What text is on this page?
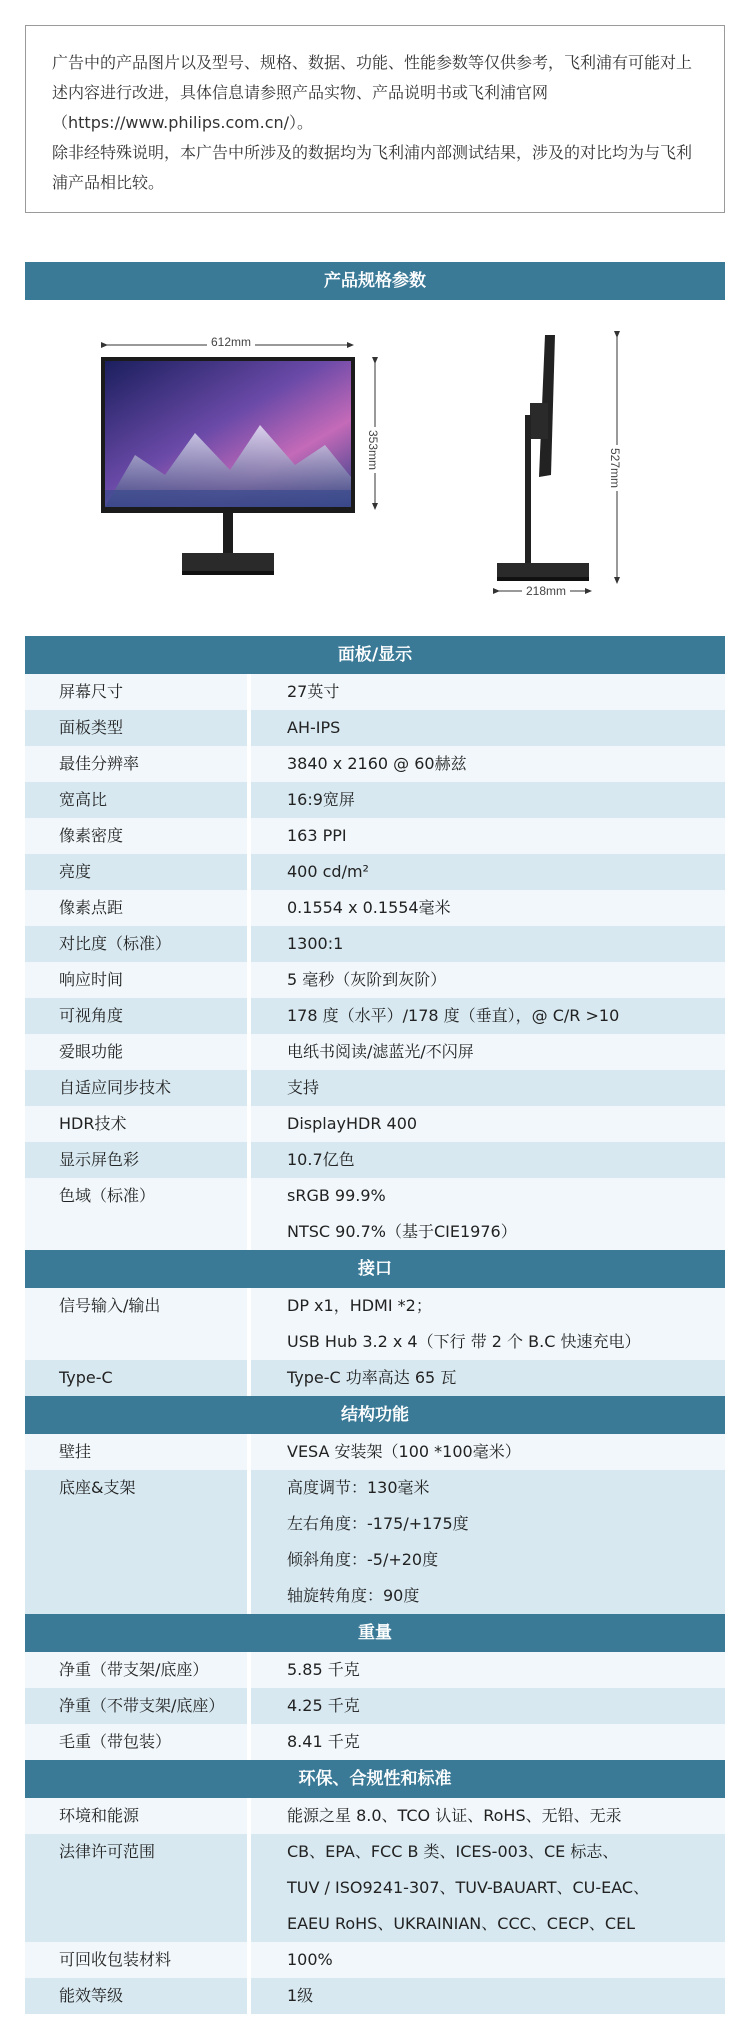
广告中的产品图片以及型号、规格、数据、功能、性能参数等仅供参考，飞利浦有可能对上述内容进行改进，具体信息请参照产品实物、产品说明书或飞利浦官网（https://www.philips.com.cn/）。

除非经特殊说明，本广告中所涉及的数据均为飞利浦内部测试结果，涉及的对比均为与飞利浦产品相比较。

产品规格参数
612mm
353mm	527mm
218mm
面板/显示
屏幕尺寸	27英寸
面板类型	AH-IPS
最佳分辨率	3840 x 2160 @ 60赫兹
宽高比	16:9宽屏
像素密度	163 PPI
亮度	400 cd/m²
像素点距	0.1554 x 0.1554毫米
对比度（标准）	1300:1
响应时间	5 毫秒（灰阶到灰阶）
可视角度	178 度（水平）/178 度（垂直），@ C/R >10
爱眼功能	电纸书阅读/滤蓝光/不闪屏
自适应同步技术	支持
HDR技术	DisplayHDR 400
显示屏色彩	10.7亿色
色域（标准）	sRGB 99.9%
NTSC 90.7%（基于CIE1976）
接口
信号输入/输出	DP x1，HDMI *2；
USB Hub 3.2 x 4（下行 带 2 个 B.C 快速充电）
Type-C	Type-C 功率高达 65 瓦
结构功能
壁挂	VESA 安装架（100 *100毫米）
底座&支架	高度调节：130毫米
左右角度：-175/+175度
倾斜角度：-5/+20度
轴旋转角度：90度
重量
净重（带支架/底座）	5.85 千克
净重（不带支架/底座）	4.25 千克
毛重（带包装）	8.41 千克
环保、合规性和标准
环境和能源	能源之星 8.0、TCO 认证、RoHS、无铅、无汞
法律许可范围	CB、EPA、FCC B 类、ICES-003、CE 标志、
TUV / ISO9241-307、TUV-BAUART、CU-EAC、
EAEU RoHS、UKRAINIAN、CCC、CECP、CEL
可回收包装材料	100%
能效等级	1级
